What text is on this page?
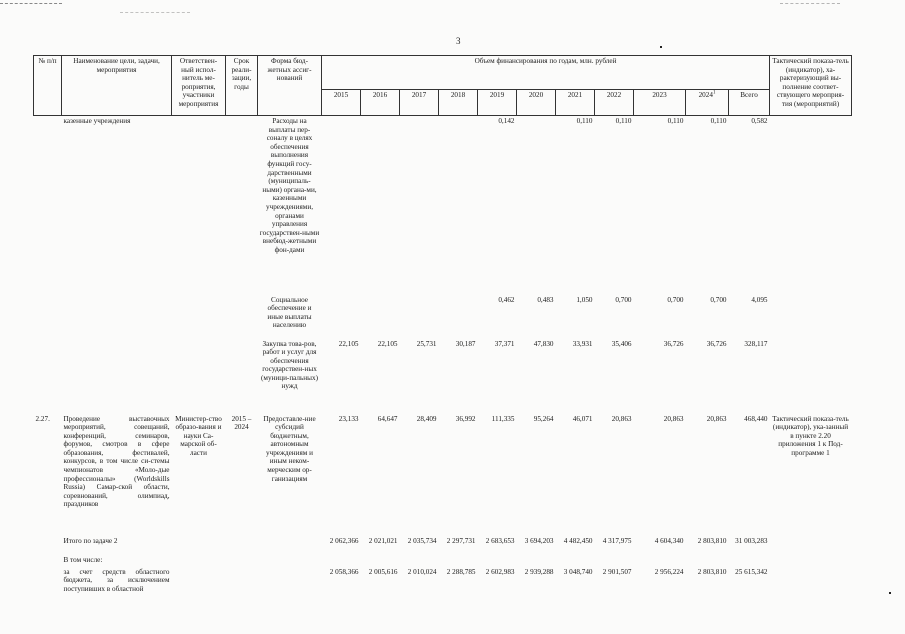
3
№ п/п	Наименование цели, задачи, мероприятия	Ответствен-ный испол-нитель ме-роприятия, участники мероприятия	Срок реали-зации, годы	Форма бюд-жетных ассиг-нований	Объем финансирования по годам, млн. рублей											Тактический показа-тель (индикатор), ха-рактеризующий вы-полнение соответ-ствующего мероприя-тия (мероприятий)
					2015	2016	2017	2018	2019	2020	2021	2022	2023	2024$^1$	Всего	
	казенные учреждения			Расходы на выплаты пер-соналу в целях обеспечения выполнения функций госу-дарственными (муниципаль-ными) органа-ми, казенными учреждениями, органами управления государствен-ными внебюд-жетными фон-дами					0,142		0,110	0,110	0,110	0,110	0,582	
				Социальное обеспечение и иные выплаты населению					0,462	0,483	1,050	0,700	0,700	0,700	4,095	
				Закупка това-ров, работ и услуг для обеспечения государствен-ных (муници-пальных) нужд	22,105	22,105	25,731	30,187	37,371	47,830	33,931	35,406	36,726	36,726	328,117	
2.27.	Проведение выставочных мероприятий, совещаний, конференций, семинаров, форумов, смотров в сфере образования, фестивалей, конкурсов, в том числе си-стемы чемпионатов «Моло-дые профессионалы» (Worldskills Russia) Самар-ской области, соревнований, олимпиад, праздников	Министер-ство образо-вания и науки Са-марской об-ласти	2015 – 2024	Предоставле-ние субсидий бюджетным, автономным учреждениям и иным неком-мерческим ор-ганизациям	23,133	64,647	28,409	36,992	111,335	95,264	46,071	20,863	20,863	20,863	468,440	Тактический показа-тель (индикатор), ука-занный в пункте 2.20 приложения 1 к Под-программе 1
	Итого по задаче 2				2 062,366	2 021,021	2 035,734	2 297,731	2 683,653	3 694,203	4 482,450	4 317,975	4 604,340	2 803,810	31 003,283	
	В том числе:															
	за счет средств областного бюджета, за исключением поступивших в областной				2 058,366	2 005,616	2 010,024	2 288,785	2 602,983	2 939,288	3 048,740	2 901,507	2 956,224	2 803,810	25 615,342	
